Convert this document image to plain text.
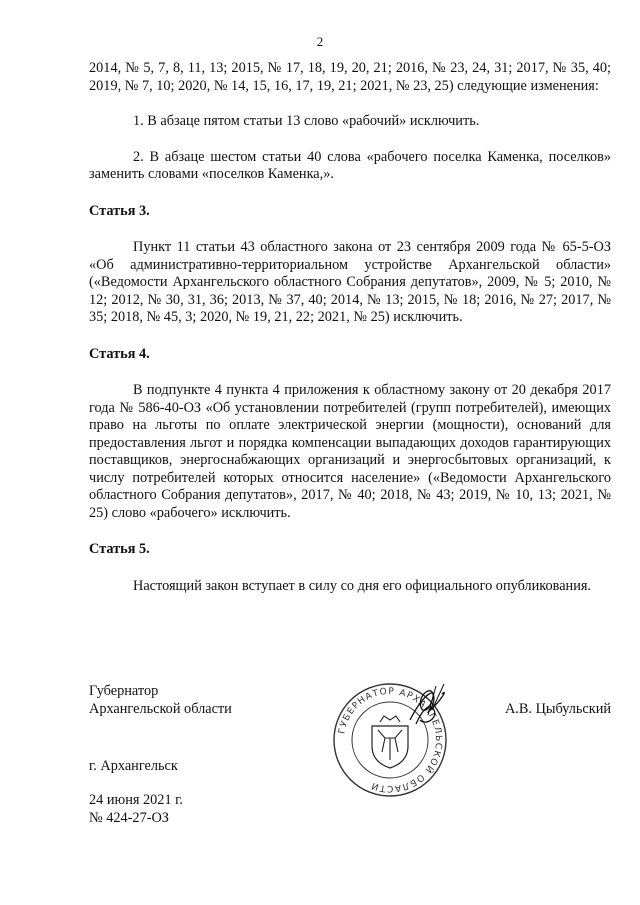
2

2014, № 5, 7, 8, 11, 13; 2015, № 17, 18, 19, 20, 21; 2016, № 23, 24, 31; 2017, № 35, 40; 2019, № 7, 10; 2020, № 14, 15, 16, 17, 19, 21; 2021, № 23, 25) следующие изменения:

1. В абзаце пятом статьи 13 слово «рабочий» исключить.

2. В абзаце шестом статьи 40 слова «рабочего поселка Каменка, поселков» заменить словами «поселков Каменка,».

Статья 3.

Пункт 11 статьи 43 областного закона от 23 сентября 2009 года № 65-5-ОЗ «Об административно-территориальном устройстве Архангельской области» («Ведомости Архангельского областного Собрания депутатов», 2009, № 5; 2010, № 12; 2012, № 30, 31, 36; 2013, № 37, 40; 2014, № 13; 2015, № 18; 2016, № 27; 2017, № 35; 2018, № 45, 3; 2020, № 19, 21, 22; 2021, № 25) исключить.

Статья 4.

В подпункте 4 пункта 4 приложения к областному закону от 20 декабря 2017 года № 586-40-ОЗ «Об установлении потребителей (групп потребителей), имеющих право на льготы по оплате электрической энергии (мощности), оснований для предоставления льгот и порядка компенсации выпадающих доходов гарантирующих поставщиков, энергоснабжающих организаций и энергосбытовых организаций, к числу потребителей которых относится население» («Ведомости Архангельского областного Собрания депутатов», 2017, № 40; 2018, № 43; 2019, № 10, 13; 2021, № 25) слово «рабочего» исключить.

Статья 5.

Настоящий закон вступает в силу со дня его официального опубликования.

Губернатор
Архангельской области
ГУБЕРНАТОР АРХАНГЕЛЬСКОЙ ОБЛАСТИ
А.В. Цыбульский
г. Архангельск
24 июня 2021 г.
№ 424-27-ОЗ
